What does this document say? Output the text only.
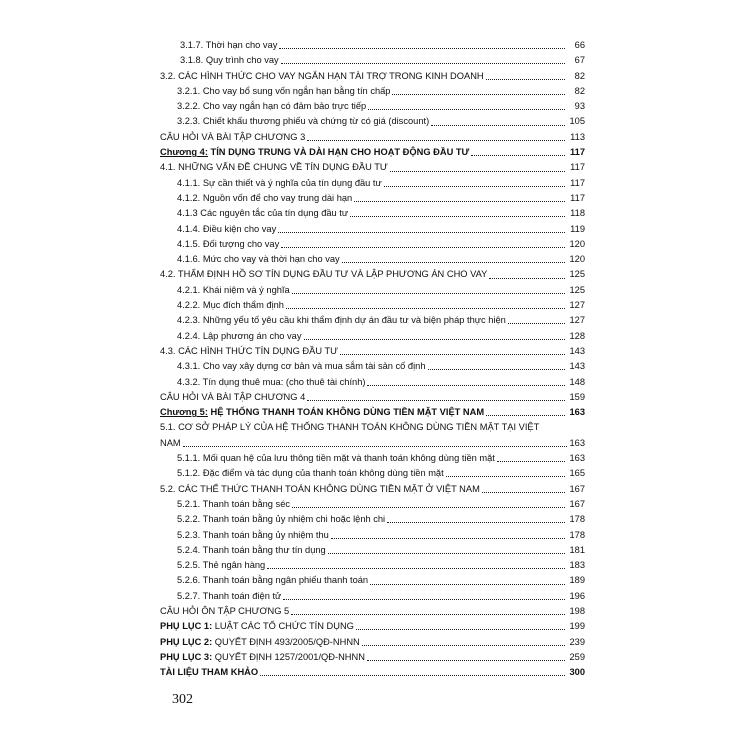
3.1.7. Thời hạn cho vay	66
3.1.8. Quy trình cho vay	67
3.2. CÁC HÌNH THỨC CHO VAY NGẮN HẠN TÀI TRỢ TRONG KINH DOANH	82
3.2.1. Cho vay bổ sung vốn ngắn hạn bằng tín chấp	82
3.2.2. Cho vay ngắn hạn có đảm bảo trực tiếp	93
3.2.3. Chiết khấu thương phiếu và chứng từ có giá (discount)	105
CÂU HỎI VÀ BÀI TẬP CHƯƠNG 3	113
Chương 4: TÍN DỤNG TRUNG VÀ DÀI HẠN CHO HOẠT ĐỘNG ĐẦU TƯ	117
4.1. NHỮNG VẤN ĐỀ CHUNG VỀ TÍN DỤNG ĐẦU TƯ	117
4.1.1. Sự cần thiết và ý nghĩa của tín dụng đầu tư	117
4.1.2. Nguồn vốn để cho vay trung dài hạn	117
4.1.3 Các nguyên tắc của tín dụng đầu tư	118
4.1.4. Điều kiện cho vay	119
4.1.5. Đối tượng cho vay	120
4.1.6. Mức cho vay và thời hạn cho vay	120
4.2. THẨM ĐỊNH HỒ SƠ TÍN DỤNG ĐẦU TƯ VÀ LẬP PHƯƠNG ÁN CHO VAY	125
4.2.1. Khái niệm và ý nghĩa	125
4.2.2. Mục đích thẩm định	127
4.2.3. Những yếu tố yêu cầu khi thẩm định dự án đầu tư và biện pháp thực hiện	127
4.2.4. Lập phương án cho vay	128
4.3. CÁC HÌNH THỨC TÍN DỤNG ĐẦU TƯ	143
4.3.1. Cho vay xây dựng cơ bản và mua sắm tài sản cố định	143
4.3.2. Tín dụng thuê mua: (cho thuê tài chính)	148
CÂU HỎI VÀ BÀI TẬP CHƯƠNG 4	159
Chương 5: HỆ THỐNG THANH TOÁN KHÔNG DÙNG TIỀN MẶT VIỆT NAM	163
5.1. CƠ SỞ PHÁP LÝ CỦA HỆ THỐNG THANH TOÁN KHÔNG DÙNG TIỀN MẶT TẠI VIỆT
NAM	163
5.1.1. Mối quan hệ của lưu thông tiền mặt và thanh toán không dùng tiền mặt	163
5.1.2. Đặc điểm và tác dụng của thanh toán không dùng tiền mặt	165
5.2. CÁC THỂ THỨC THANH TOÁN KHÔNG DÙNG TIỀN MẶT Ở VIỆT NAM	167
5.2.1. Thanh toán bằng séc	167
5.2.2. Thanh toán bằng ủy nhiệm chi hoặc lệnh chi	178
5.2.3. Thanh toán bằng ủy nhiệm thu	178
5.2.4. Thanh toán bằng thư tín dụng	181
5.2.5. Thẻ ngân hàng	183
5.2.6. Thanh toán bằng ngân phiếu thanh toán	189
5.2.7. Thanh toán điện tử	196
CÂU HỎI ÔN TẬP CHƯƠNG 5	198
PHỤ LỤC 1: LUẬT CÁC TỔ CHỨC TÍN DỤNG	199
PHỤ LỤC 2: QUYẾT ĐỊNH 493/2005/QĐ-NHNN	239
PHỤ LỤC 3: QUYẾT ĐỊNH 1257/2001/QĐ-NHNN	259
TÀI LIỆU THAM KHẢO	300
302
